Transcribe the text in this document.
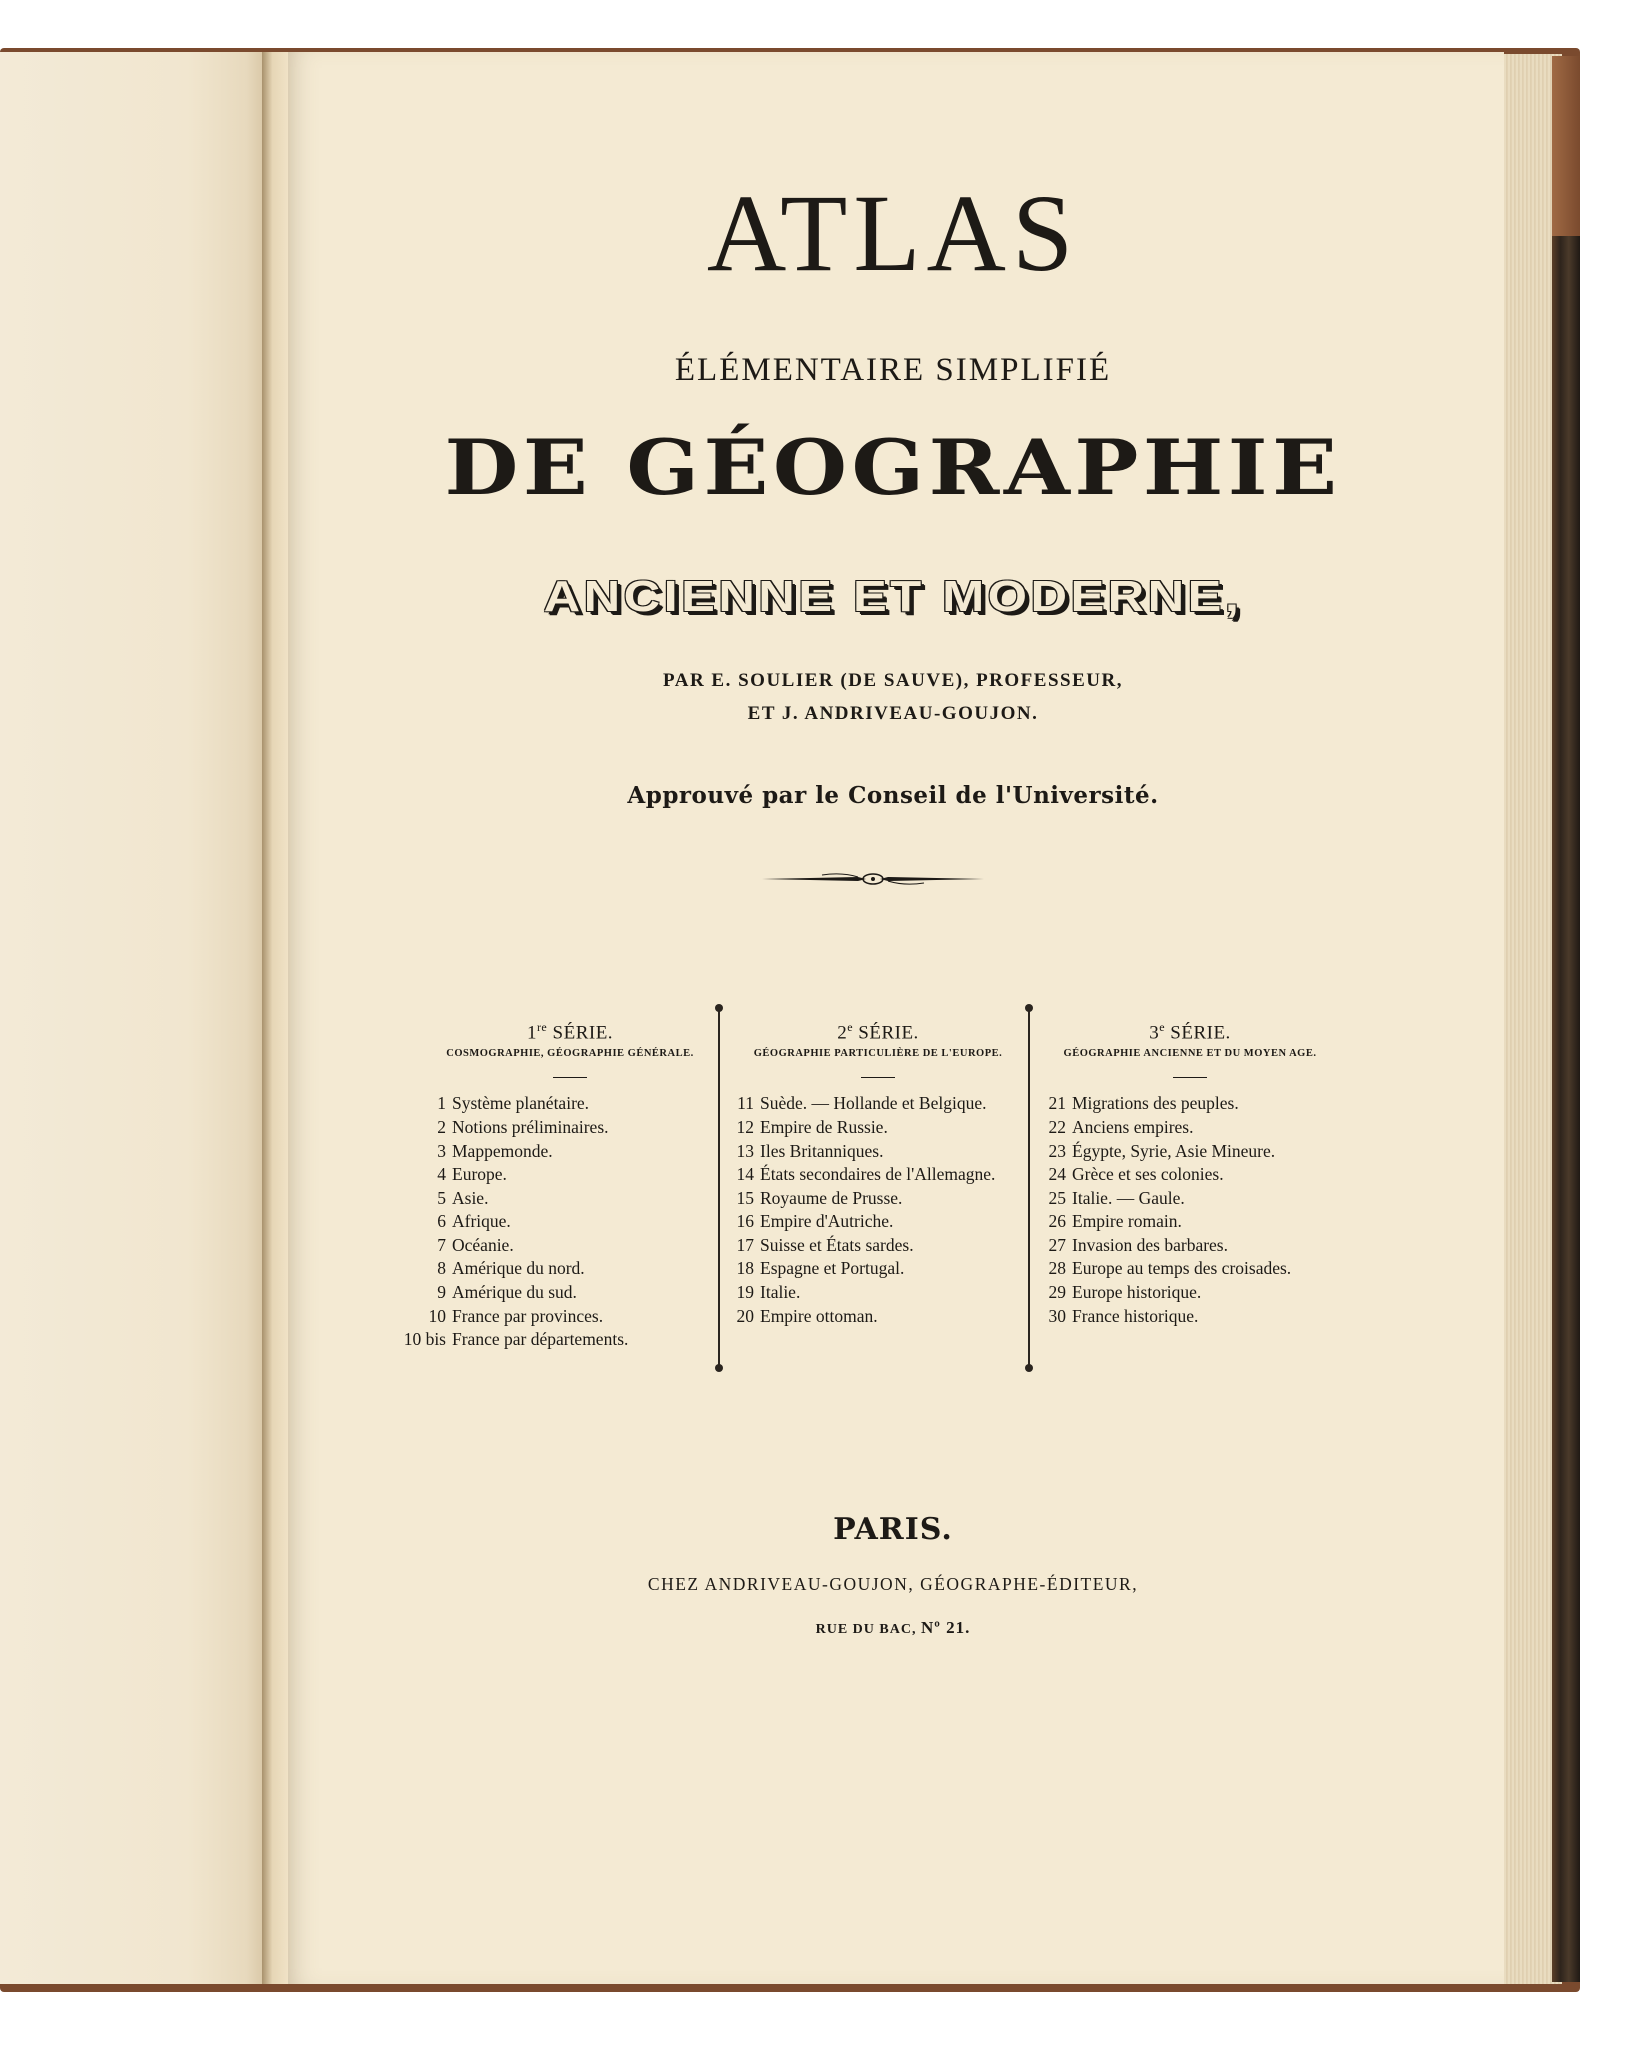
ATLAS
ÉLÉMENTAIRE SIMPLIFIÉ
DE GÉOGRAPHIE
ANCIENNE ET MODERNE,
PAR E. SOULIER (DE SAUVE), PROFESSEUR,
ET J. ANDRIVEAU-GOUJON.
Approuvé par le Conseil de l'Université.
1re SÉRIE.
COSMOGRAPHIE, GÉOGRAPHIE GÉNÉRALE.
1 Système planétaire.
2 Notions préliminaires.
3 Mappemonde.
4 Europe.
5 Asie.
6 Afrique.
7 Océanie.
8 Amérique du nord.
9 Amérique du sud.
10 France par provinces.
10 bis France par départements.
2e SÉRIE.
GÉOGRAPHIE PARTICULIÈRE DE L'EUROPE.
11 Suède. — Hollande et Belgique.
12 Empire de Russie.
13 Iles Britanniques.
14 États secondaires de l'Allemagne.
15 Royaume de Prusse.
16 Empire d'Autriche.
17 Suisse et États sardes.
18 Espagne et Portugal.
19 Italie.
20 Empire ottoman.
3e SÉRIE.
GÉOGRAPHIE ANCIENNE ET DU MOYEN AGE.
21 Migrations des peuples.
22 Anciens empires.
23 Égypte, Syrie, Asie Mineure.
24 Grèce et ses colonies.
25 Italie. — Gaule.
26 Empire romain.
27 Invasion des barbares.
28 Europe au temps des croisades.
29 Europe historique.
30 France historique.
PARIS.
CHEZ ANDRIVEAU-GOUJON, GÉOGRAPHE-ÉDITEUR,
RUE DU BAC, Nº 21.
